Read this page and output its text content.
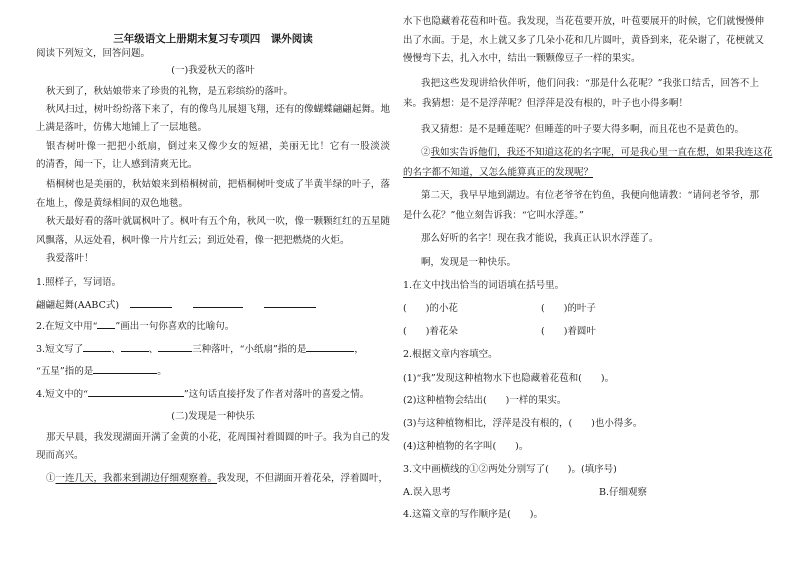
三年级语文上册期末复习专项四　课外阅读
阅读下列短文，回答问题。
(一)我爱秋天的落叶
秋天到了，秋姑娘带来了珍贵的礼物，是五彩缤纷的落叶。
秋风扫过，树叶纷纷落下来了，有的像鸟儿展翅飞翔，还有的像蝴蝶翩翩起舞。地
上满是落叶，仿佛大地铺上了一层地毯。
银杏树叶像一把把小纸扇，倒过来又像少女的短裙，美丽无比！它有一股淡淡
的清香，闻一下，让人感到清爽无比。
梧桐树也是美丽的，秋姑娘来到梧桐树前，把梧桐树叶变成了半黄半绿的叶子，落
在地上，像是黄绿相间的双色地毯。
秋天最好看的落叶就属枫叶了。枫叶有五个角，秋风一吹，像一颗颗红红的五星随
风飘落，从远处看，枫叶像一片片红云；到近处看，像一把把燃烧的火炬。
我爱落叶！
1.照样子，写词语。
翩翩起舞(AABC式)
2.在短文中用“ ”画出一句你喜欢的比喻句。
3.短文写了	、	、	三种落叶，“小纸扇”指的是	，
“五星”指的是	。
4.短文中的“	”这句话直接抒发了作者对落叶的喜爱之情。
(二)发现是一种快乐
那天早晨，我发现湖面开满了金黄的小花，花周围衬着圆圆的叶子。我为自己的发
现而高兴。
①一连几天，我都来到湖边仔细观察着。我发现，不但湖面开着花朵，浮着圆叶，
水下也隐藏着花苞和叶苞。我发现，当花苞要开放，叶苞要展开的时候，它们就慢慢伸
出了水面。于是，水上就又多了几朵小花和几片圆叶，黄昏到来，花朵谢了，花梗就又
慢慢弯下去，扎入水中，结出一颗颗像豆子一样的果实。
我把这些发现讲给伙伴听，他们问我：“那是什么花呢？”我张口结舌，回答不上
来。我猜想：是不是浮萍呢？但浮萍是没有根的，叶子也小得多啊！
我又猜想：是不是睡莲呢？但睡莲的叶子要大得多啊，而且花也不是黄色的。
②我如实告诉他们，我还不知道这花的名字呢，可是我心里一直在想，如果我连这花
的名字都不知道，又怎么能算真正的发现呢？
第二天，我早早地到湖边。有位老爷爷在钓鱼，我便向他请教：“请问老爷爷，那
是什么花？”他立刻告诉我：“它叫水浮莲。”
那么好听的名字！现在我才能说，我真正认识水浮莲了。
啊，发现是一种快乐。
1.在文中找出恰当的词语填在括号里。
(　　)的小花	(　　)的叶子
(　　)着花朵	(　　)着圆叶
2.根据文章内容填空。
(1)“我”发现这种植物水下也隐藏着花苞和(　　)。
(2)这种植物会结出(　　)一样的果实。
(3)与这种植物相比，浮萍是没有根的，(　　)也小得多。
(4)这种植物的名字叫(　　)。
3.文中画横线的①②两处分别写了(　　)。(填序号)
A.误入思考	B.仔细观察
4.这篇文章的写作顺序是(　　)。
